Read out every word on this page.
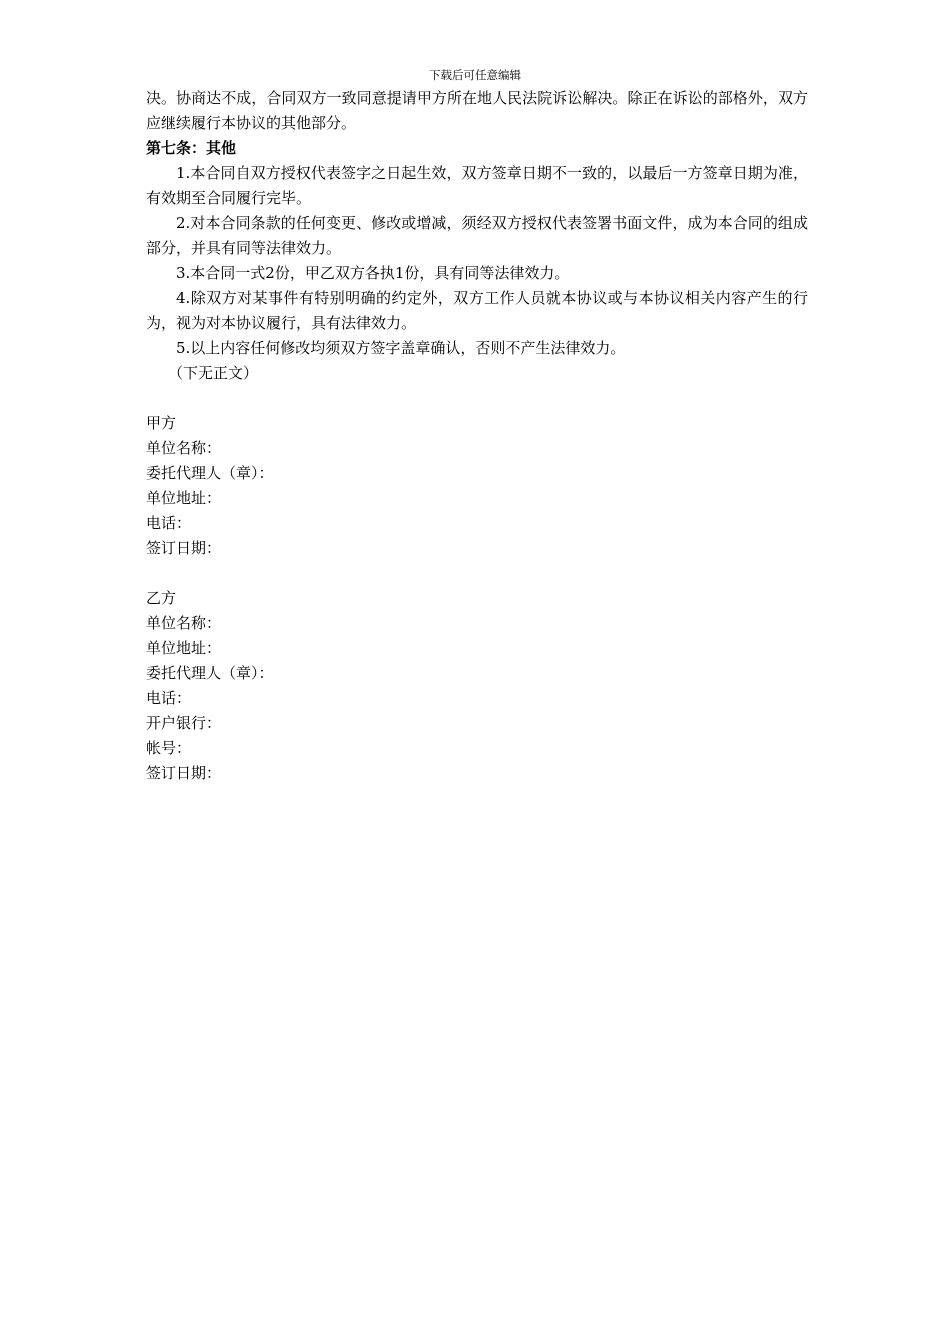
下载后可任意编辑

决。协商达不成，合同双方一致同意提请甲方所在地人民法院诉讼解决。除正在诉讼的部格外，双方应继续履行本协议的其他部分。

第七条：其他

1.本合同自双方授权代表签字之日起生效，双方签章日期不一致的，以最后一方签章日期为准，有效期至合同履行完毕。

2.对本合同条款的任何变更、修改或增减，须经双方授权代表签署书面文件，成为本合同的组成部分，并具有同等法律效力。

3.本合同一式2份，甲乙双方各执1份，具有同等法律效力。

4.除双方对某事件有特别明确的约定外，双方工作人员就本协议或与本协议相关内容产生的行为，视为对本协议履行，具有法律效力。

5.以上内容任何修改均须双方签字盖章确认，否则不产生法律效力。

（下无正文）

甲方

单位名称：

委托代理人（章）：

单位地址：

电话：

签订日期：

乙方

单位名称：

单位地址：

委托代理人（章）：

电话：

开户银行：

帐号：

签订日期：
